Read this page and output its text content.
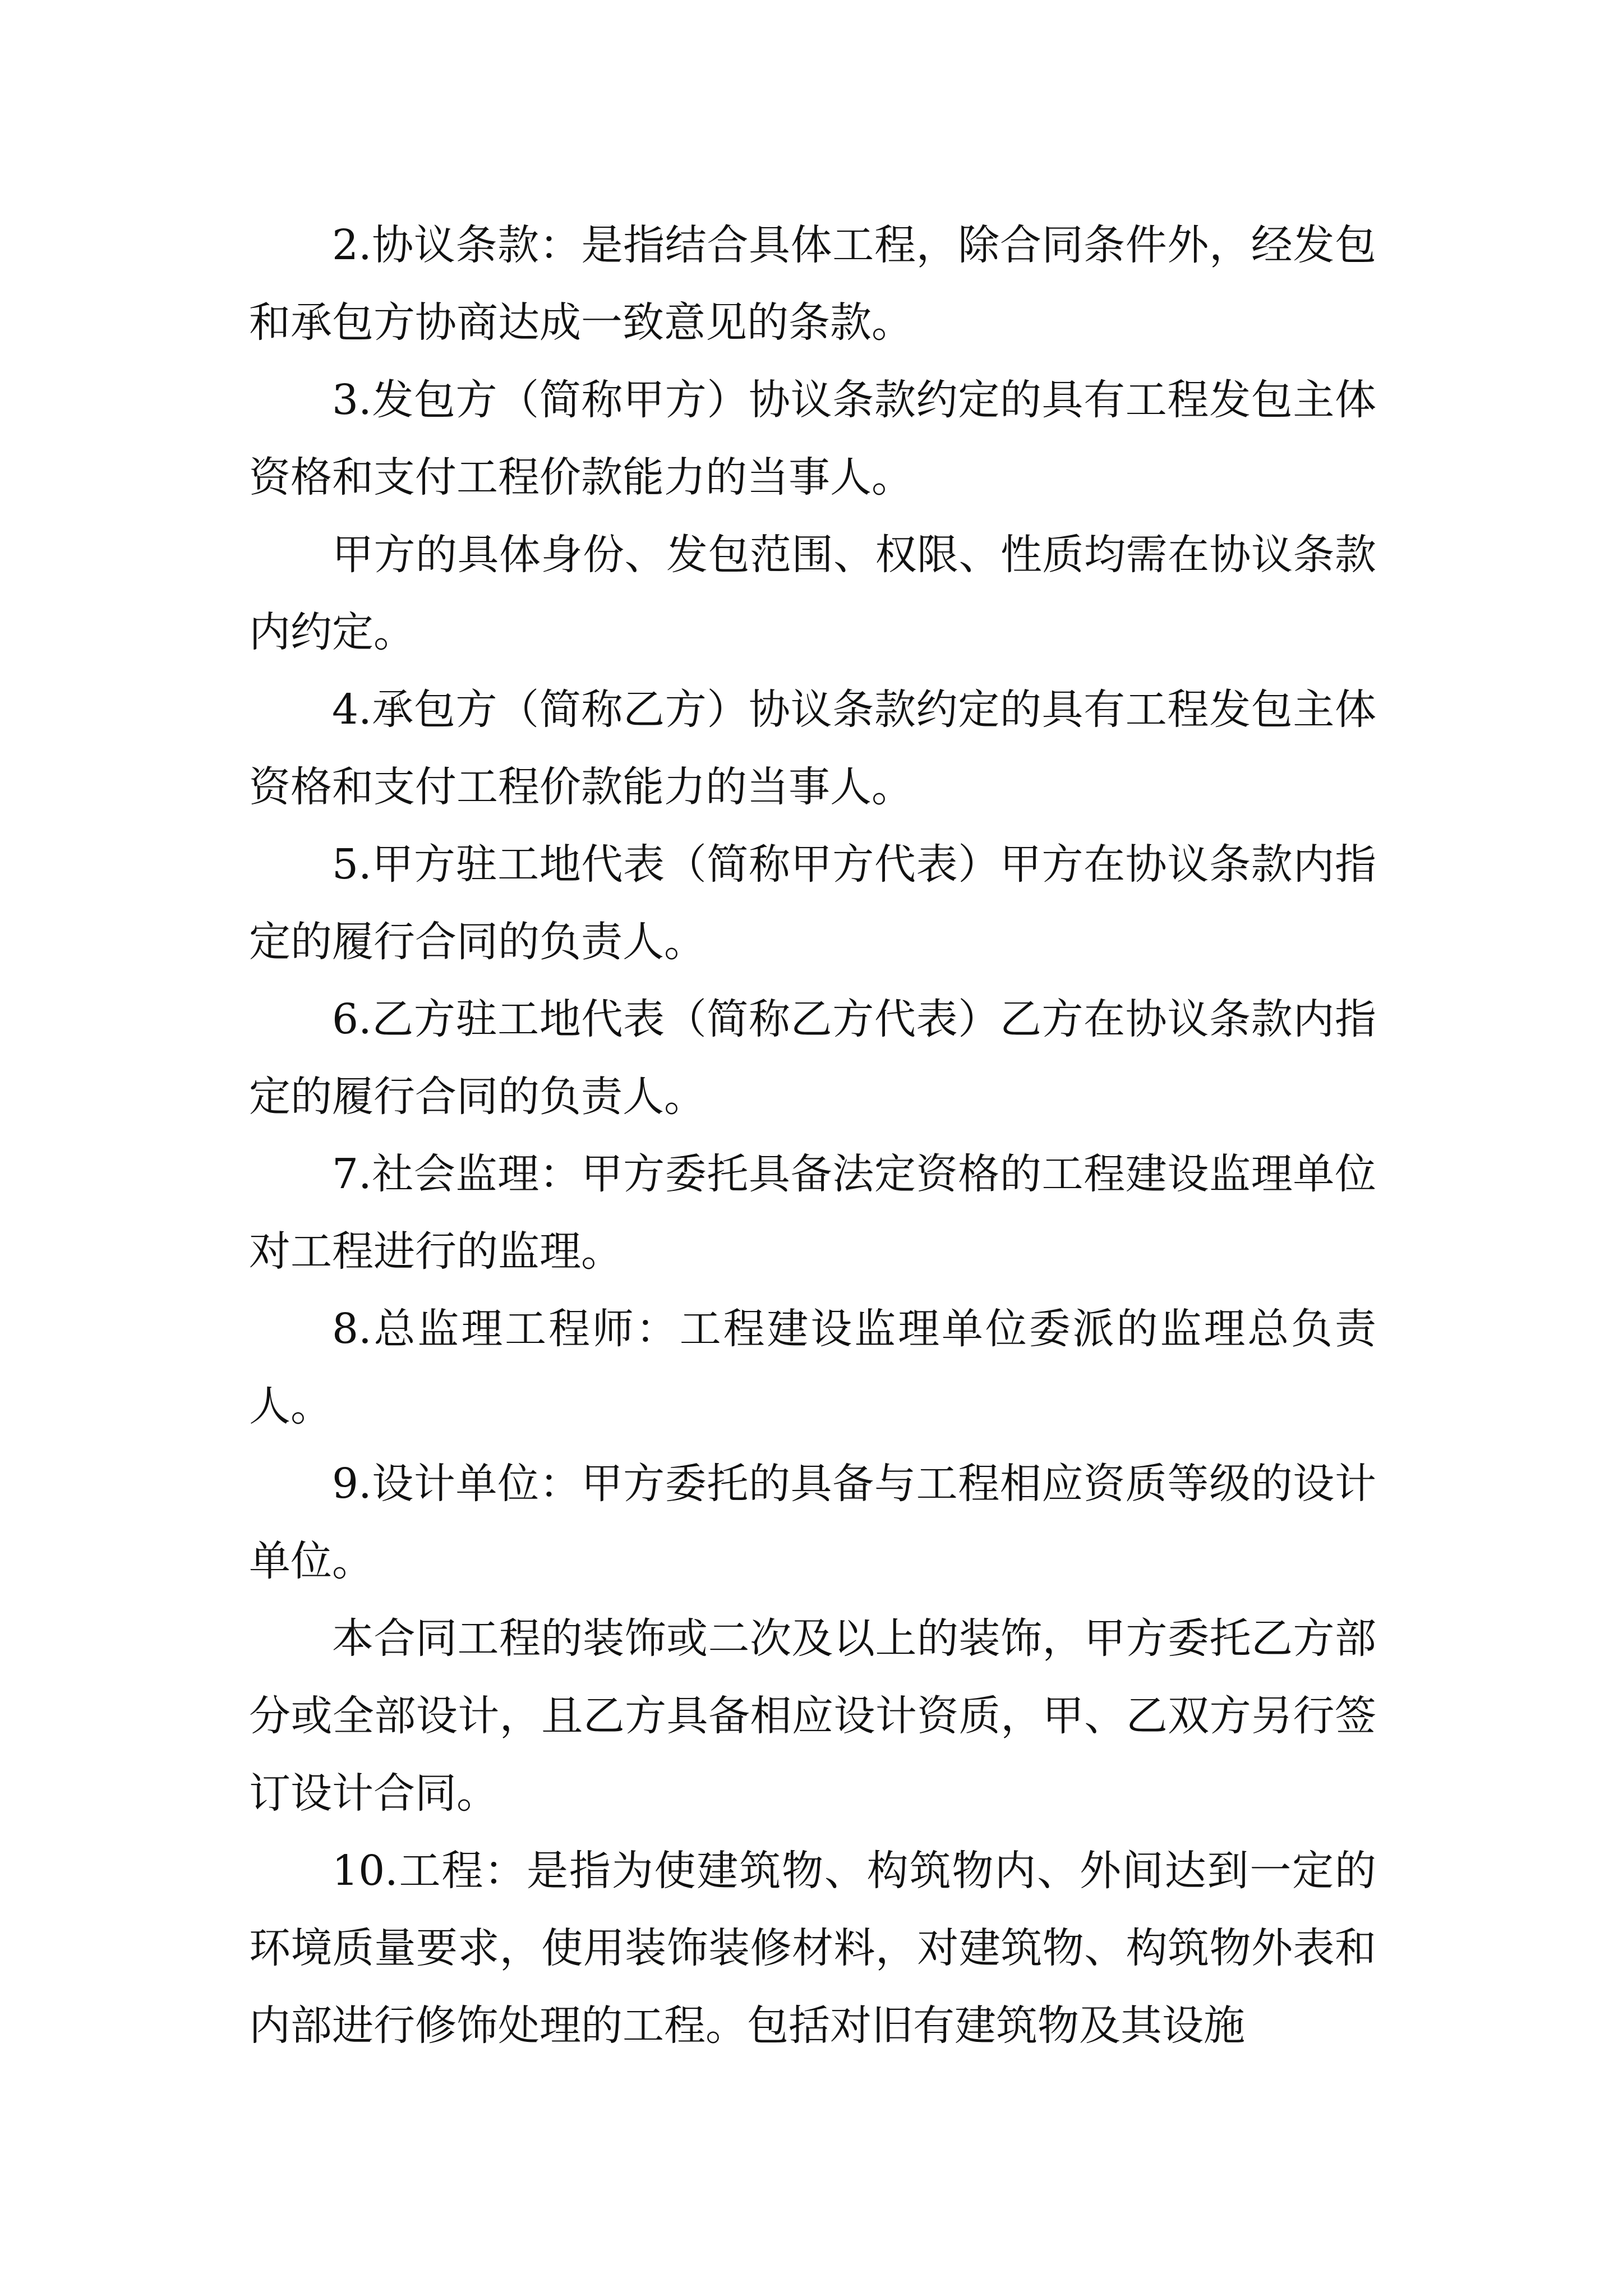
2.协议条款：是指结合具体工程，除合同条件外，经发包和承包方协商达成一致意见的条款。

3.发包方（简称甲方）协议条款约定的具有工程发包主体资格和支付工程价款能力的当事人。

甲方的具体身份、发包范围、权限、性质均需在协议条款内约定。

4.承包方（简称乙方）协议条款约定的具有工程发包主体资格和支付工程价款能力的当事人。

5.甲方驻工地代表（简称甲方代表）甲方在协议条款内指定的履行合同的负责人。

6.乙方驻工地代表（简称乙方代表）乙方在协议条款内指定的履行合同的负责人。

7.社会监理：甲方委托具备法定资格的工程建设监理单位对工程进行的监理。

8.总监理工程师：工程建设监理单位委派的监理总负责人。

9.设计单位：甲方委托的具备与工程相应资质等级的设计单位。

本合同工程的装饰或二次及以上的装饰，甲方委托乙方部分或全部设计，且乙方具备相应设计资质，甲、乙双方另行签订设计合同。

10.工程：是指为使建筑物、构筑物内、外间达到一定的环境质量要求，使用装饰装修材料，对建筑物、构筑物外表和内部进行修饰处理的工程。包括对旧有建筑物及其设施
